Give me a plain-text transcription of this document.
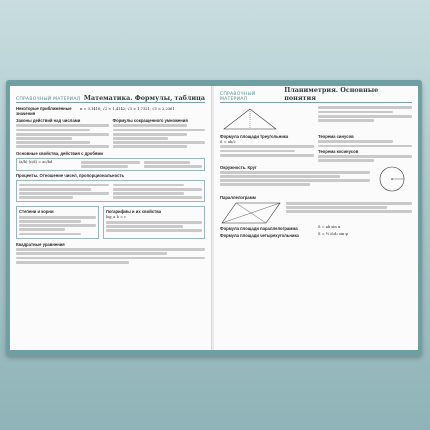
СПРАВОЧНЫЙ МАТЕРИАЛ Математика. Формулы, таблица
Некоторые приближенные значения
π ≈ 3,1416; √2 ≈ 1,4142; √3 ≈ 1,7321; √5 ≈ 2,2361
Законы действий над числами	Формулы сокращенного умножения
Основные свойства, действия с дробями
(a/b)·(c/d) = ac/bd
Проценты. Отношение чисел, пропорциональность
Степени и корни	Логарифмы и их свойства
log_a b = c
Квадратные уравнения
СПРАВОЧНЫЙ МАТЕРИАЛ
Планиметрия. Основные понятия
Формула площади треугольника
S = ah/2
Теорема синусов
Теорема косинусов
Окружность. Круг
Параллелограмм
Формула площади параллелограмма	S = ab sin α
Формула площади четырехугольника	S = ½ d₁d₂ sin φ
